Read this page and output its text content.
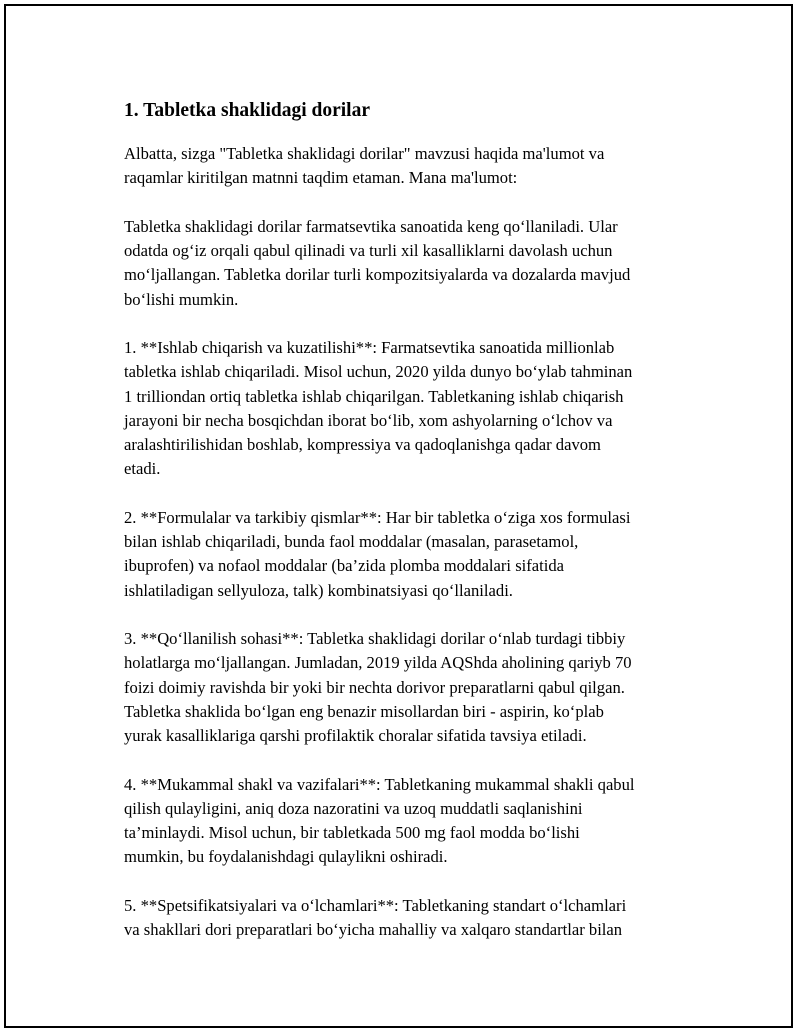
1. Tabletka shaklidagi dorilar

Albatta, sizga "Tabletka shaklidagi dorilar" mavzusi haqida ma'lumot va
raqamlar kiritilgan matnni taqdim etaman. Mana ma'lumot:

Tabletka shaklidagi dorilar farmatsevtika sanoatida keng qo‘llaniladi. Ular
odatda og‘iz orqali qabul qilinadi va turli xil kasalliklarni davolash uchun
mo‘ljallangan. Tabletka dorilar turli kompozitsiyalarda va dozalarda mavjud
bo‘lishi mumkin.

1. **Ishlab chiqarish va kuzatilishi**: Farmatsevtika sanoatida millionlab
tabletka ishlab chiqariladi. Misol uchun, 2020 yilda dunyo bo‘ylab tahminan
1 trilliondan ortiq tabletka ishlab chiqarilgan. Tabletkaning ishlab chiqarish
jarayoni bir necha bosqichdan iborat bo‘lib, xom ashyolarning o‘lchov va
aralashtirilishidan boshlab, kompressiya va qadoqlanishga qadar davom
etadi.

2. **Formulalar va tarkibiy qismlar**: Har bir tabletka o‘ziga xos formulasi
bilan ishlab chiqariladi, bunda faol moddalar (masalan, parasetamol,
ibuprofen) va nofaol moddalar (ba’zida plomba moddalari sifatida
ishlatiladigan sellyuloza, talk) kombinatsiyasi qo‘llaniladi.

3. **Qo‘llanilish sohasi**: Tabletka shaklidagi dorilar o‘nlab turdagi tibbiy
holatlarga mo‘ljallangan. Jumladan, 2019 yilda AQShda aholining qariyb 70
foizi doimiy ravishda bir yoki bir nechta dorivor preparatlarni qabul qilgan.
Tabletka shaklida bo‘lgan eng benazir misollardan biri - aspirin, ko‘plab
yurak kasalliklariga qarshi profilaktik choralar sifatida tavsiya etiladi.

4. **Mukammal shakl va vazifalari**: Tabletkaning mukammal shakli qabul
qilish qulayligini, aniq doza nazoratini va uzoq muddatli saqlanishini
ta’minlaydi. Misol uchun, bir tabletkada 500 mg faol modda bo‘lishi
mumkin, bu foydalanishdagi qulaylikni oshiradi.

5. **Spetsifikatsiyalari va o‘lchamlari**: Tabletkaning standart o‘lchamlari
va shakllari dori preparatlari bo‘yicha mahalliy va xalqaro standartlar bilan
